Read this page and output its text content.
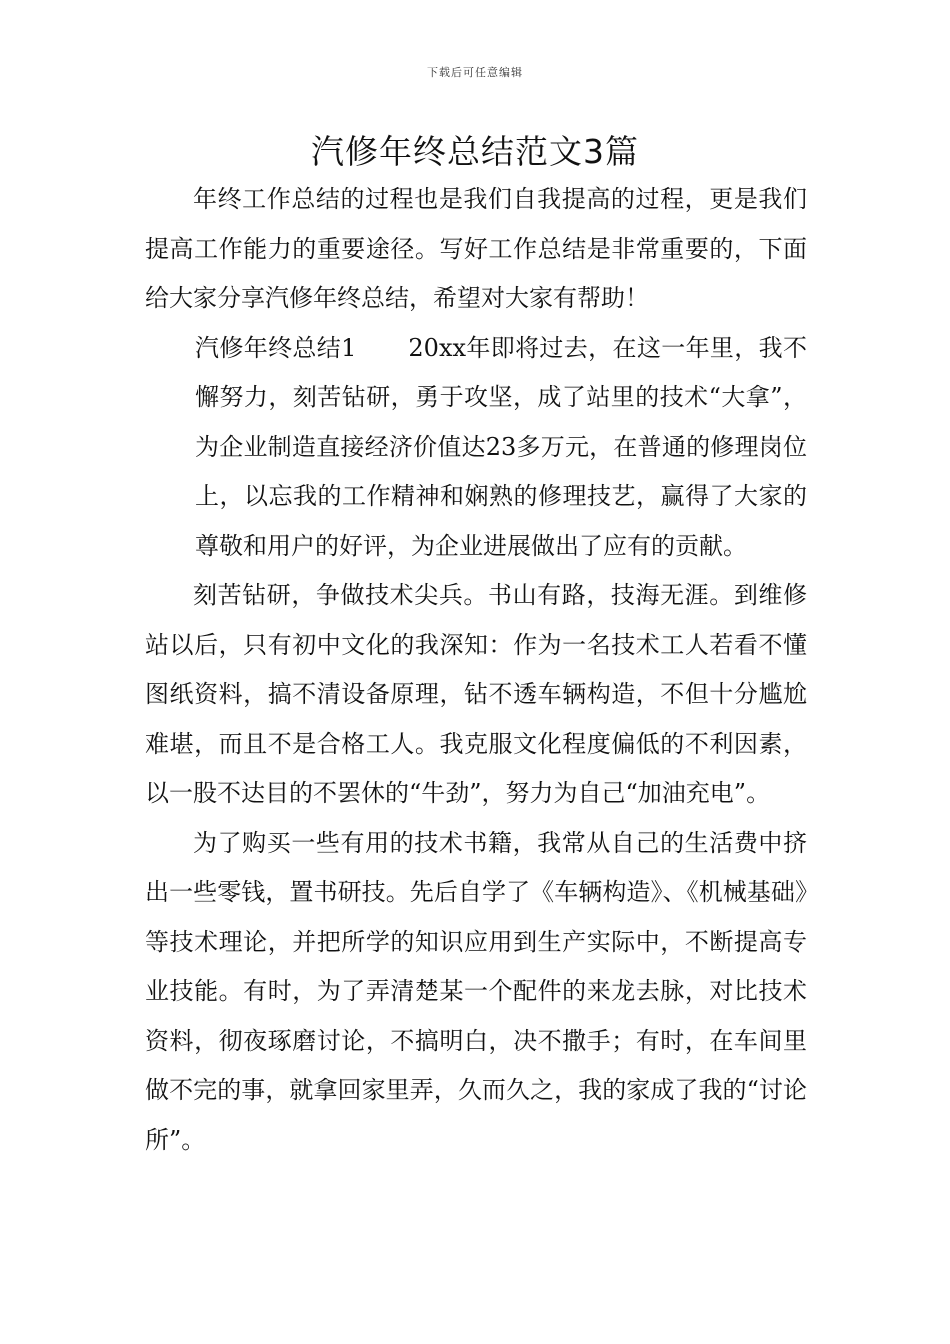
下载后可任意编辑
汽修年终总结范文3篇

年终工作总结的过程也是我们自我提高的过程，更是我们提高工作能力的重要途径。写好工作总结是非常重要的，下面给大家分享汽修年终总结，希望对大家有帮助！

汽修年终总结1 20xx年即将过去，在这一年里，我不懈努力，刻苦钻研，勇于攻坚，成了站里的技术“大拿”，为企业制造直接经济价值达23多万元，在普通的修理岗位上，以忘我的工作精神和娴熟的修理技艺，赢得了大家的尊敬和用户的好评，为企业进展做出了应有的贡献。

刻苦钻研，争做技术尖兵。书山有路，技海无涯。到维修站以后，只有初中文化的我深知：作为一名技术工人若看不懂图纸资料，搞不清设备原理，钻不透车辆构造，不但十分尴尬难堪，而且不是合格工人。我克服文化程度偏低的不利因素，以一股不达目的不罢休的“牛劲”，努力为自己“加油充电”。

为了购买一些有用的技术书籍，我常从自己的生活费中挤出一些零钱，置书研技。先后自学了《车辆构造》、《机械基础》等技术理论，并把所学的知识应用到生产实际中，不断提高专业技能。有时，为了弄清楚某一个配件的来龙去脉，对比技术资料，彻夜琢磨讨论，不搞明白，决不撒手；有时，在车间里做不完的事，就拿回家里弄，久而久之，我的家成了我的“讨论所”。
